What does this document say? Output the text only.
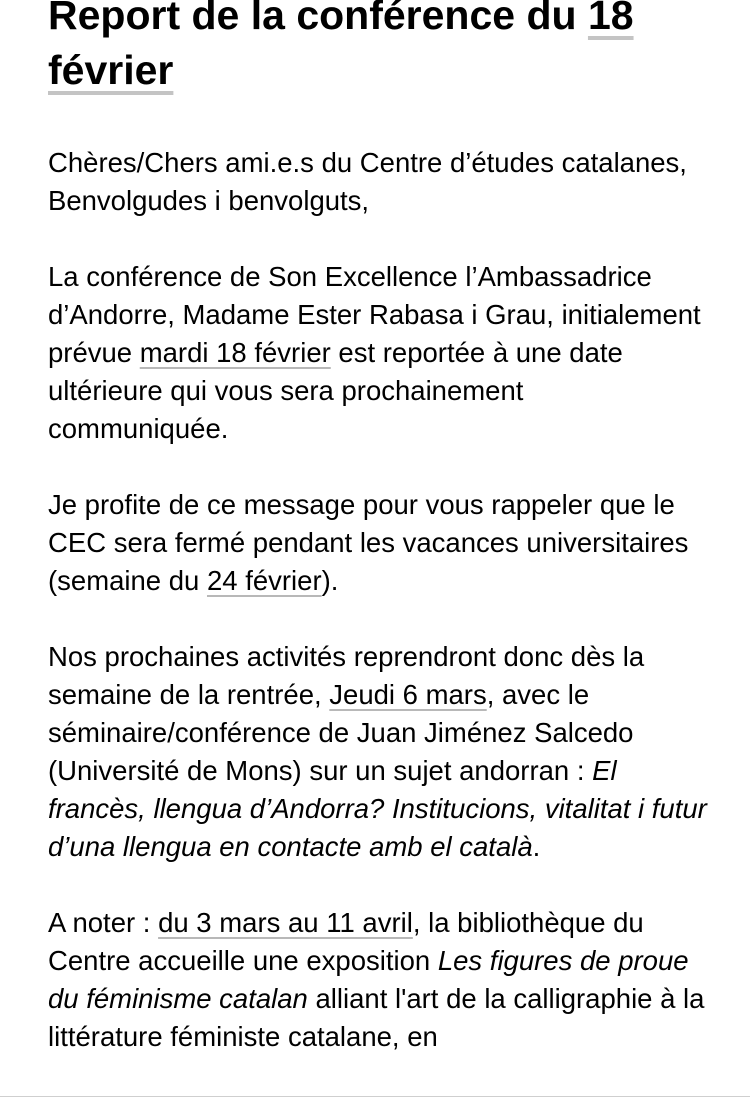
Report de la conférence du 18
février

Chères/Chers ami.e.s du Centre d’études catalanes,
Benvolgudes i benvolguts,

La conférence de Son Excellence l’Ambassadrice d’Andorre, Madame Ester Rabasa i Grau, initialement prévue mardi 18 février est reportée à une date ultérieure qui vous sera prochainement communiquée.

Je profite de ce message pour vous rappeler que le CEC sera fermé pendant les vacances universitaires (semaine du 24 février).

Nos prochaines activités reprendront donc dès la semaine de la rentrée, Jeudi 6 mars, avec le séminaire/conférence de Juan Jiménez Salcedo (Université de Mons) sur un sujet andorran : El francès, llengua d’Andorra? Institucions, vitalitat i futur d’una llengua en contacte amb el català.

A noter : du 3 mars au 11 avril, la bibliothèque du Centre accueille une exposition Les figures de proue du féminisme catalan alliant l'art de la calligraphie à la littérature féministe catalane, en
